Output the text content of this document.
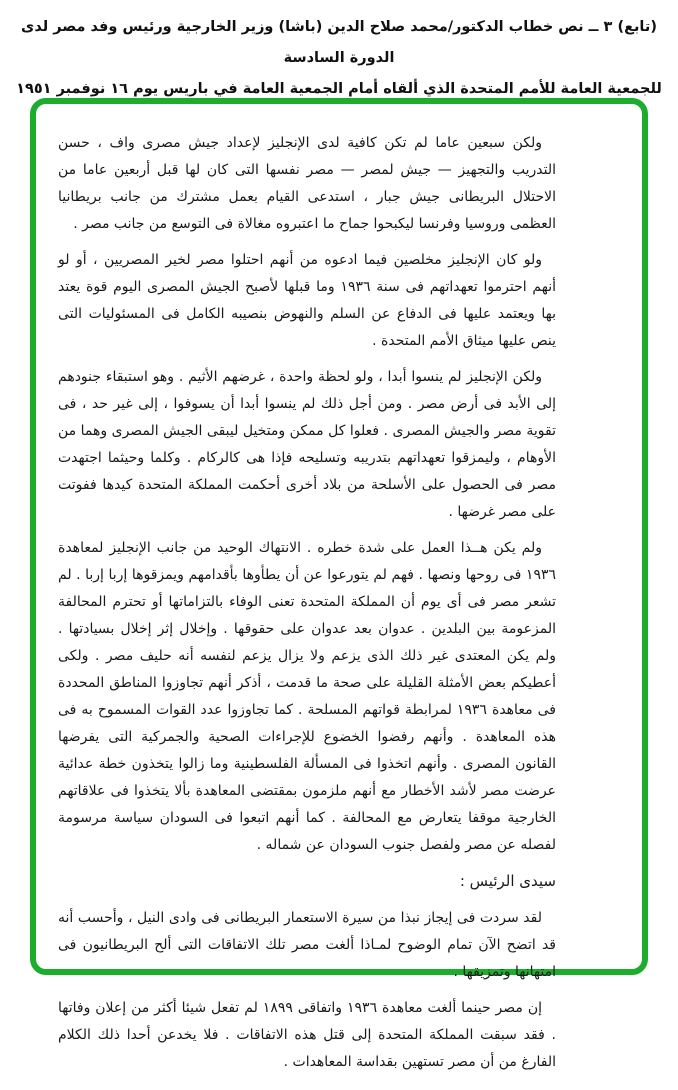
(تابع) ٣ ــ نص خطاب الدكتور/محمد صلاح الدين (باشا) وزير الخارجية ورئيس وفد مصر لدى الدورة السادسة
للجمعية العامة للأمم المتحدة الذي ألقاه أمام الجمعية العامة في باريس يوم ١٦ نوفمبر ١٩٥١

ولكن سبعين عاما لم تكن كافية لدى الإنجليز لإعداد جيش مصرى واف ، حسن التدريب والتجهيز — جيش لمصر — مصر نفسها التى كان لها قبل أربعين عاما من الاحتلال البريطانى جيش جبار ، استدعى القيام بعمل مشترك من جانب بريطانيا العظمى وروسيا وفرنسا ليكبحوا جماح ما اعتبروه مغالاة فى التوسع من جانب مصر .

ولو كان الإنجليز مخلصين فيما ادعوه من أنهم احتلوا مصر لخير المصريين ، أو لو أنهم احترموا تعهداتهم فى سنة ١٩٣٦ وما قبلها لأصبح الجيش المصرى اليوم قوة يعتد بها ويعتمد عليها فى الدفاع عن السلم والنهوض بنصيبه الكامل فى المسئوليات التى ينص عليها ميثاق الأمم المتحدة .

ولكن الإنجليز لم ينسوا أبدا ، ولو لحظة واحدة ، غرضهم الأثيم . وهو استبقاء جنودهم إلى الأبد فى أرض مصر . ومن أجل ذلك لم ينسوا أبدا أن يسوفوا ، إلى غير حد ، فى تقوية مصر والجيش المصرى . فعلوا كل ممكن ومتخيل ليبقى الجيش المصرى وهما من الأوهام ، وليمزقوا تعهداتهم بتدريبه وتسليحه فإذا هى كالركام . وكلما وحيثما اجتهدت مصر فى الحصول على الأسلحة من بلاد أخرى أحكمت المملكة المتحدة كيدها ففوتت على مصر غرضها .

ولم يكن هــذا العمل على شدة خطره . الانتهاك الوحيد من جانب الإنجليز لمعاهدة ١٩٣٦ فى روحها ونصها . فهم لم يتورعوا عن أن يطأوها بأقدامهم ويمزقوها إربا إربا . لم تشعر مصر فى أى يوم أن المملكة المتحدة تعنى الوفاء بالتزاماتها أو تحترم المحالفة المزعومة بين البلدين . عدوان بعد عدوان على حقوقها . وإخلال إثر إخلال بسيادتها . ولم يكن المعتدى غير ذلك الذى يزعم ولا يزال يزعم لنفسه أنه حليف مصر . ولكى أعطيكم بعض الأمثلة القليلة على صحة ما قدمت ، أذكر أنهم تجاوزوا المناطق المحددة فى معاهدة ١٩٣٦ لمرابطة قواتهم المسلحة . كما تجاوزوا عدد القوات المسموح به فى هذه المعاهدة . وأنهم رفضوا الخضوع للإجراءات الصحية والجمركية التى يفرضها القانون المصرى . وأنهم اتخذوا فى المسألة الفلسطينية وما زالوا يتخذون خطة عدائية عرضت مصر لأشد الأخطار مع أنهم ملزمون بمقتضى المعاهدة بألا يتخذوا فى علاقاتهم الخارجية موقفا يتعارض مع المحالفة . كما أنهم اتبعوا فى السودان سياسة مرسومة لفصله عن مصر ولفصل جنوب السودان عن شماله .

سيدى الرئيس :

لقد سردت فى إيجاز نبذا من سيرة الاستعمار البريطانى فى وادى النيل ، وأحسب أنه قد اتضح الآن تمام الوضوح لمـاذا ألغت مصر تلك الاتفاقات التى ألح البريطانيون فى امتهانها وتمزيقها .

إن مصر حينما ألغت معاهدة ١٩٣٦ واتفاقى ١٨٩٩ لم تفعل شيئا أكثر من إعلان وفاتها . فقد سبقت المملكة المتحدة إلى قتل هذه الاتفاقات . فلا يخدعن أحدا ذلك الكلام الفارغ من أن مصر تستهين بقداسة المعاهدات .
